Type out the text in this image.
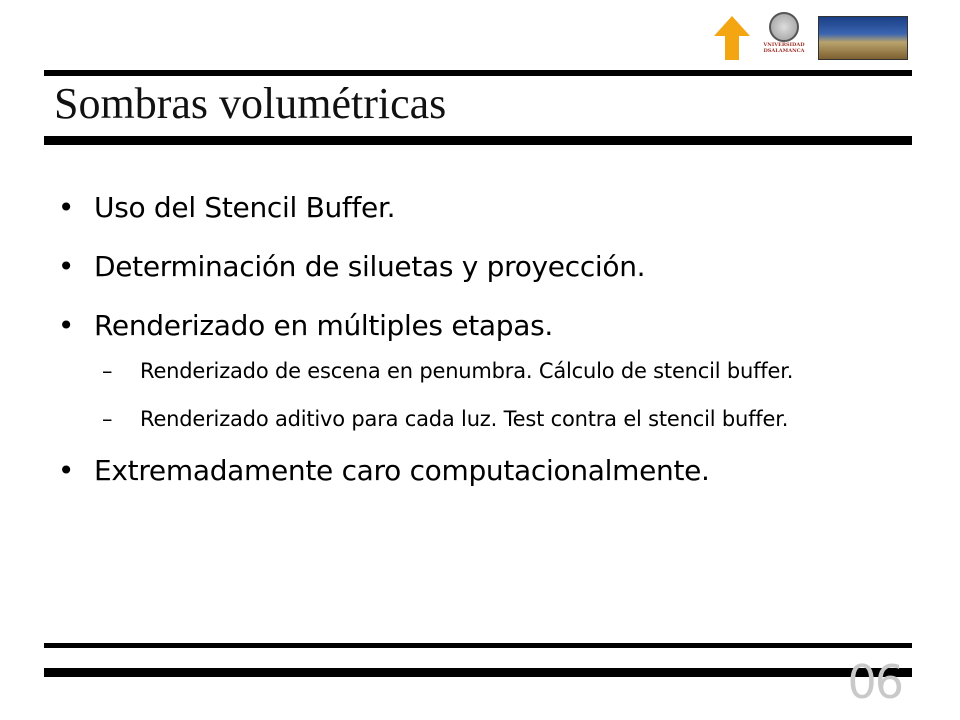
VNIVERSIDAD
DSALAMANCA
Sombras volumétricas
• Uso del Stencil Buffer.
• Determinación de siluetas y proyección.
• Renderizado en múltiples etapas.
– Renderizado de escena en penumbra. Cálculo de stencil buffer.
– Renderizado aditivo para cada luz. Test contra el stencil buffer.
• Extremadamente caro computacionalmente.
06
